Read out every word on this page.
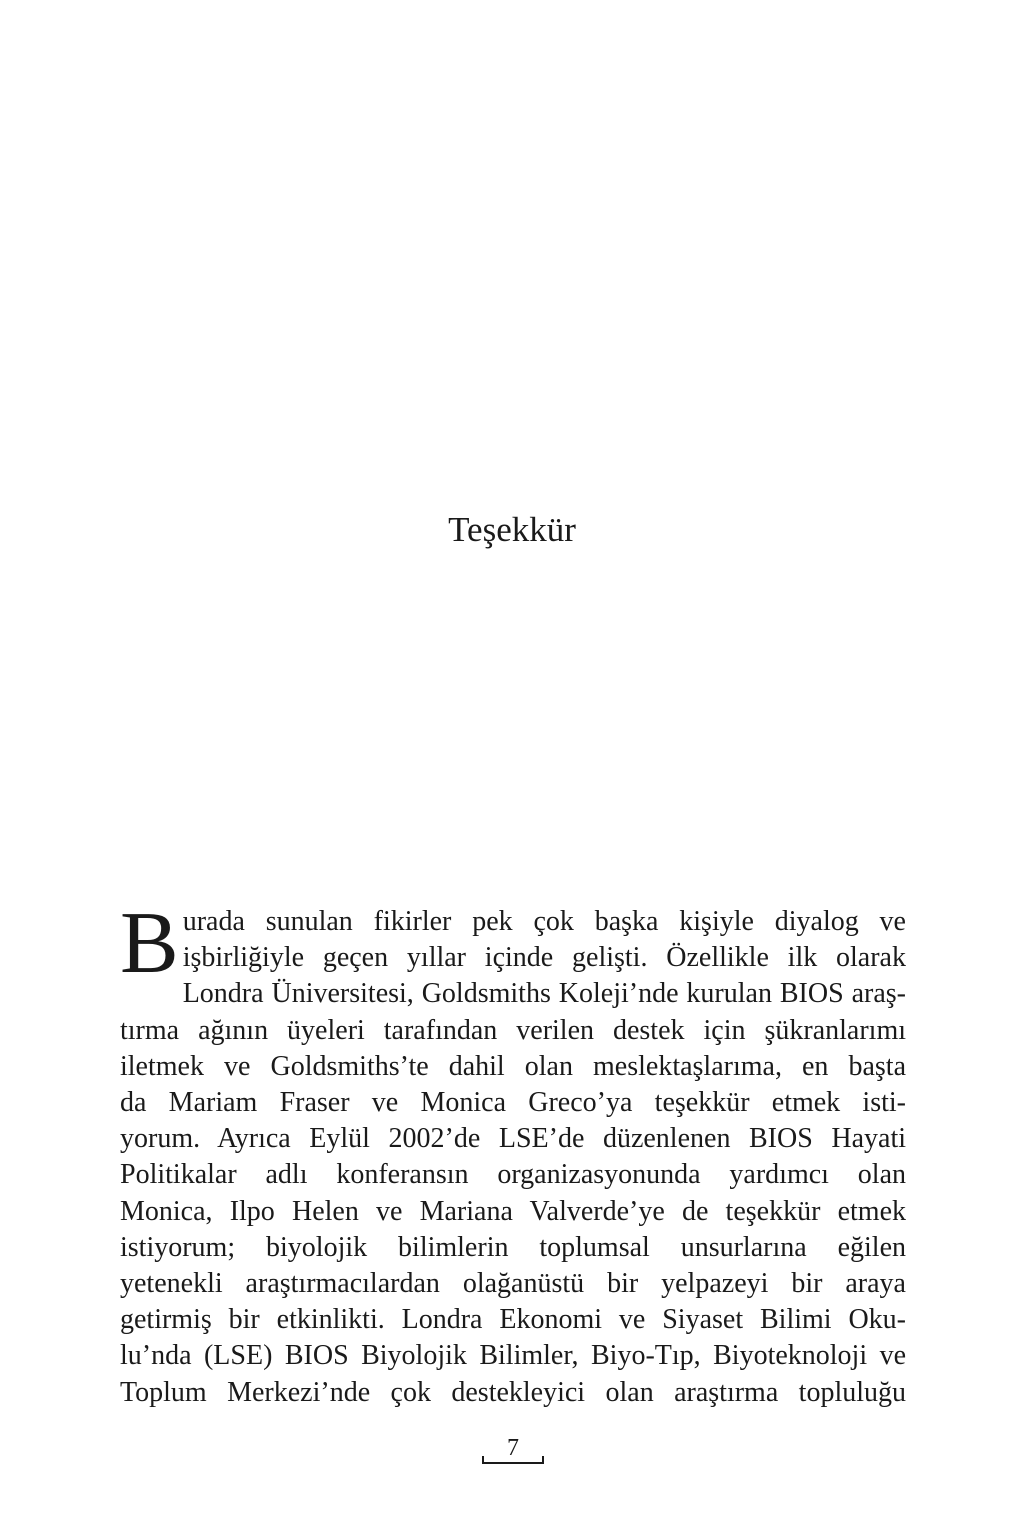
Teşekkür
B urada sunulan fikirler pek çok başka kişiyle diyalog ve
işbirliğiyle geçen yıllar içinde gelişti. Özellikle ilk olarak
Londra Üniversitesi, Goldsmiths Koleji’nde kurulan BIOS araş-
tırma ağının üyeleri tarafından verilen destek için şükranlarımı
iletmek ve Goldsmiths’te dahil olan meslektaşlarıma, en başta
da Mariam Fraser ve Monica Greco’ya teşekkür etmek isti-
yorum. Ayrıca Eylül 2002’de LSE’de düzenlenen BIOS Hayati
Politikalar adlı konferansın organizasyonunda yardımcı olan
Monica, Ilpo Helen ve Mariana Valverde’ye de teşekkür etmek
istiyorum; biyolojik bilimlerin toplumsal unsurlarına eğilen
yetenekli araştırmacılardan olağanüstü bir yelpazeyi bir araya
getirmiş bir etkinlikti. Londra Ekonomi ve Siyaset Bilimi Oku-
lu’nda (LSE) BIOS Biyolojik Bilimler, Biyo-Tıp, Biyoteknoloji ve
Toplum Merkezi’nde çok destekleyici olan araştırma topluluğu
7
